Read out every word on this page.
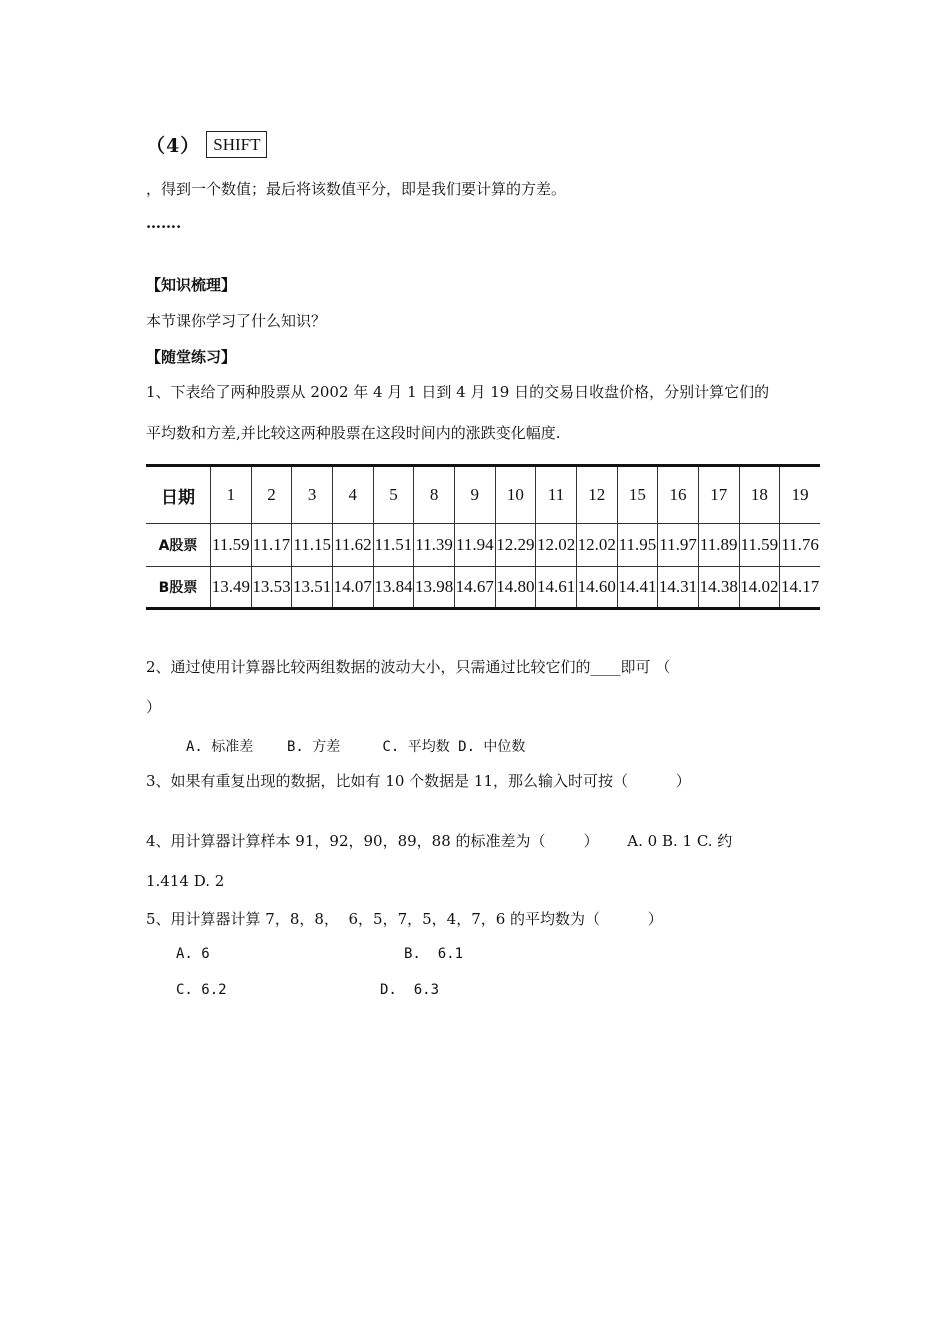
（4） SHIFT
，得到一个数值；最后将该数值平分，即是我们要计算的方差。
…….
【知识梳理】
本节课你学习了什么知识？
【随堂练习】
1、下表给了两种股票从 2002 年 4 月 1 日到 4 月 19 日的交易日收盘价格，分别计算它们的
平均数和方差,并比较这两种股票在这段时间内的涨跌变化幅度.
日期	1	2	3	4	5	8	9	10	11	12	15	16	17	18	19
A股票	11.59	11.17	11.15	11.62	11.51	11.39	11.94	12.29	12.02	12.02	11.95	11.97	11.89	11.59	11.76
B股票	13.49	13.53	13.51	14.07	13.84	13.98	14.67	14.80	14.61	14.60	14.41	14.31	14.38	14.02	14.17
2、通过使用计算器比较两组数据的波动大小，只需通过比较它们的____即可 （
）
A. 标准差    B. 方差     C. 平均数 D. 中位数
3、如果有重复出现的数据，比如有 10 个数据是 11，那么输入时可按（          ）
4、用计算器计算样本 91，92，90，89，88 的标准差为（        ）      A. 0 B. 1 C. 约
1.414 D. 2
5、用计算器计算 7，8，8，  6，5，7，5，4，7，6 的平均数为（          ）
A. 6	B.  6.1
C. 6.2	D.  6.3
